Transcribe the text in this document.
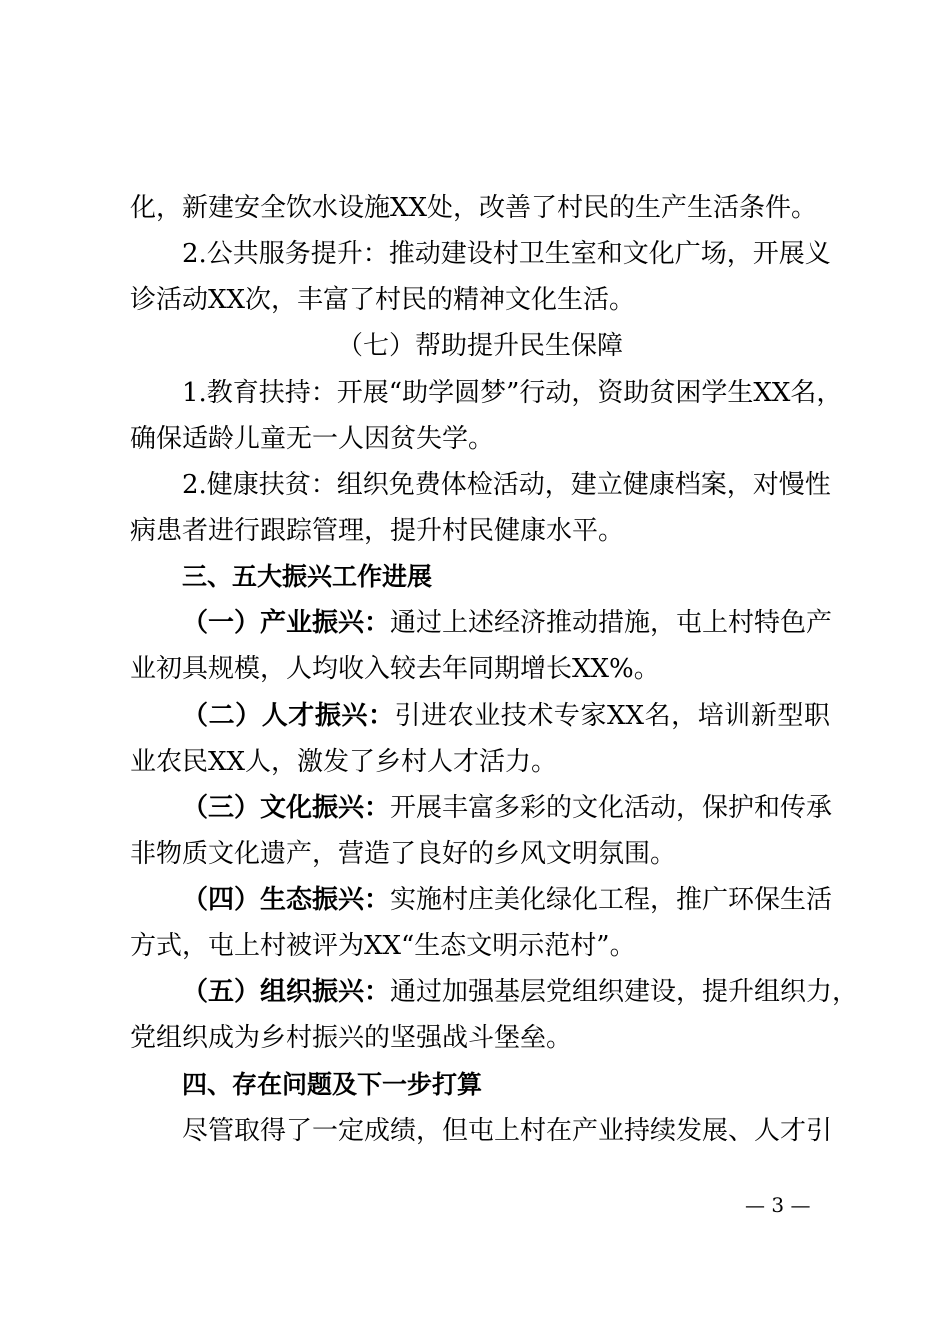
化，新建安全饮水设施XX处，改善了村民的生产生活条件。
2.公共服务提升：推动建设村卫生室和文化广场，开展义
诊活动XX次，丰富了村民的精神文化生活。
（七）帮助提升民生保障
1.教育扶持：开展“助学圆梦”行动，资助贫困学生XX名，
确保适龄儿童无一人因贫失学。
2.健康扶贫：组织免费体检活动，建立健康档案，对慢性
病患者进行跟踪管理，提升村民健康水平。
三、五大振兴工作进展
（一）产业振兴：通过上述经济推动措施，屯上村特色产
业初具规模，人均收入较去年同期增长XX%。
（二）人才振兴：引进农业技术专家XX名，培训新型职
业农民XX人，激发了乡村人才活力。
（三）文化振兴：开展丰富多彩的文化活动，保护和传承
非物质文化遗产，营造了良好的乡风文明氛围。
（四）生态振兴：实施村庄美化绿化工程，推广环保生活
方式，屯上村被评为XX“生态文明示范村”。
（五）组织振兴：通过加强基层党组织建设，提升组织力，
党组织成为乡村振兴的坚强战斗堡垒。
四、存在问题及下一步打算
尽管取得了一定成绩，但屯上村在产业持续发展、人才引
— 3 —
